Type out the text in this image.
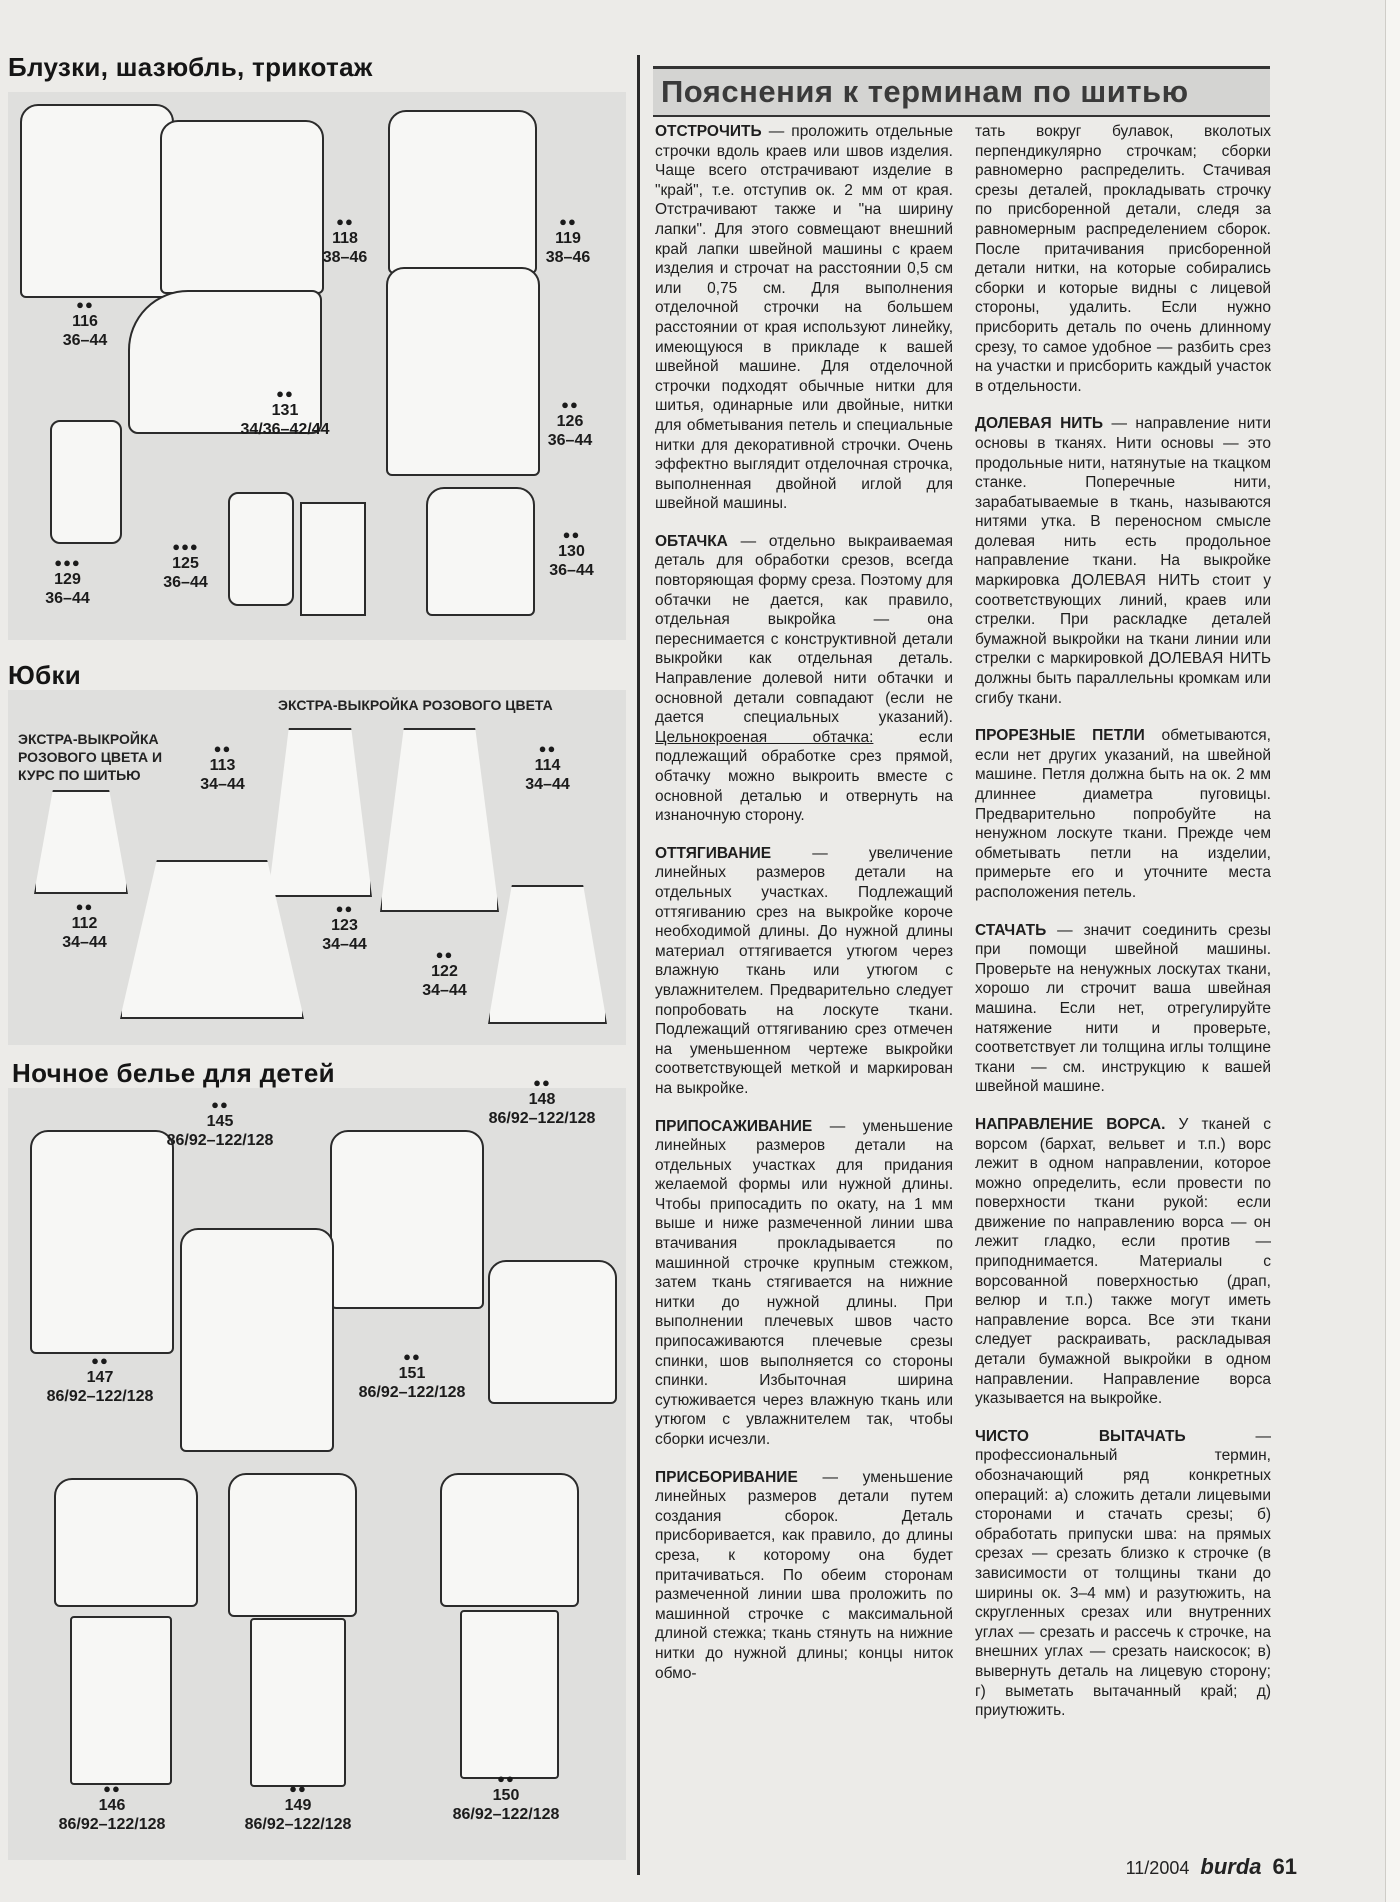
Блузки, шазюбль, трикотаж
●●
116
36–44
●●
118
38–46
●●
119
38–46
●●
131
34/36–42/44
●●
126
36–44
●●●
129
36–44
●●●
125
36–44
●●
130
36–44
Юбки
ЭКСТРА-ВЫКРОЙКА РОЗОВОГО ЦВЕТА
ЭКСТРА-ВЫКРОЙКА РОЗОВОГО ЦВЕТА И КУРС ПО ШИТЬЮ
●●
113
34–44
●●
114
34–44
●●
112
34–44
●●
123
34–44
●●
122
34–44
Ночное белье для детей
●●
145
86/92–122/128
●●
148
86/92–122/128
●●
147
86/92–122/128
●●
151
86/92–122/128
●●
146
86/92–122/128
●●
149
86/92–122/128
●●
150
86/92–122/128
Пояснения к терминам по шитью

ОТСТРОЧИТЬ — проложить отдельные строчки вдоль краев или швов изделия. Чаще всего отстрачивают изделие в "край", т.е. отступив ок. 2 мм от края. Отстрачивают также и "на ширину лапки". Для этого совмещают внешний край лапки швейной машины с краем изделия и строчат на расстоянии 0,5 см или 0,75 см. Для выполнения отделочной строчки на большем расстоянии от края используют линейку, имеющуюся в прикладе к вашей швейной машине. Для отделочной строчки подходят обычные нитки для шитья, одинарные или двойные, нитки для обметывания петель и специальные нитки для декоративной строчки. Очень эффектно выглядит отделочная строчка, выполненная двойной иглой для швейной машины.

ОБТАЧКА — отдельно выкраиваемая деталь для обработки срезов, всегда повторяющая форму среза. Поэтому для обтачки не дается, как правило, отдельная выкройка — она переснимается с конструктивной детали выкройки как отдельная деталь. Направление долевой нити обтачки и основной детали совпадают (если не дается специальных указаний). Цельнокроеная обтачка: если подлежащий обработке срез прямой, обтачку можно выкроить вместе с основной деталью и отвернуть на изнаночную сторону.

ОТТЯГИВАНИЕ — увеличение линейных размеров детали на отдельных участках. Подлежащий оттягиванию срез на выкройке короче необходимой длины. До нужной длины материал оттягивается утюгом через влажную ткань или утюгом с увлажнителем. Предварительно следует попробовать на лоскуте ткани. Подлежащий оттягиванию срез отмечен на уменьшенном чертеже выкройки соответствующей меткой и маркирован на выкройке.

ПРИПОСАЖИВАНИЕ — уменьшение линейных размеров детали на отдельных участках для придания желаемой формы или нужной длины. Чтобы припосадить по окату, на 1 мм выше и ниже размеченной линии шва втачивания прокладывается по машинной строчке крупным стежком, затем ткань стягивается на нижние нитки до нужной длины. При выполнении плечевых швов часто припосаживаются плечевые срезы спинки, шов выполняется со стороны спинки. Избыточная ширина сутюживается через влажную ткань или утюгом с увлажнителем так, чтобы сборки исчезли.

ПРИСБОРИВАНИЕ — уменьшение линейных размеров детали путем создания сборок. Деталь присборивается, как правило, до длины среза, к которому она будет притачиваться. По обеим сторонам размеченной линии шва проложить по машинной строчке с максимальной длиной стежка; ткань стянуть на нижние нитки до нужной длины; концы ниток обмо-

тать вокруг булавок, вколотых перпендикулярно строчкам; сборки равномерно распределить. Стачивая срезы деталей, прокладывать строчку по присборенной детали, следя за равномерным распределением сборок. После притачивания присборенной детали нитки, на которые собирались сборки и которые видны с лицевой стороны, удалить. Если нужно присборить деталь по очень длинному срезу, то самое удобное — разбить срез на участки и присборить каждый участок в отдельности.

ДОЛЕВАЯ НИТЬ — направление нити основы в тканях. Нити основы — это продольные нити, натянутые на ткацком станке. Поперечные нити, зарабатываемые в ткань, называются нитями утка. В переносном смысле долевая нить есть продольное направление ткани. На выкройке маркировка ДОЛЕВАЯ НИТЬ стоит у соответствующих линий, краев или стрелки. При раскладке деталей бумажной выкройки на ткани линии или стрелки с маркировкой ДОЛЕВАЯ НИТЬ должны быть параллельны кромкам или сгибу ткани.

ПРОРЕЗНЫЕ ПЕТЛИ обметываются, если нет других указаний, на швейной машине. Петля должна быть на ок. 2 мм длиннее диаметра пуговицы. Предварительно попробуйте на ненужном лоскуте ткани. Прежде чем обметывать петли на изделии, примерьте его и уточните места расположения петель.

СТАЧАТЬ — значит соединить срезы при помощи швейной машины. Проверьте на ненужных лоскутах ткани, хорошо ли строчит ваша швейная машина. Если нет, отрегулируйте натяжение нити и проверьте, соответствует ли толщина иглы толщине ткани — см. инструкцию к вашей швейной машине.

НАПРАВЛЕНИЕ ВОРСА. У тканей с ворсом (бархат, вельвет и т.п.) ворс лежит в одном направлении, которое можно определить, если провести по поверхности ткани рукой: если движение по направлению ворса — он лежит гладко, если против — приподнимается. Материалы с ворсованной поверхностью (драп, велюр и т.п.) также могут иметь направление ворса. Все эти ткани следует раскраивать, раскладывая детали бумажной выкройки в одном направлении. Направление ворса указывается на выкройке.

ЧИСТО ВЫТАЧАТЬ — профессиональный термин, обозначающий ряд конкретных операций: а) сложить детали лицевыми сторонами и стачать срезы; б) обработать припуски шва: на прямых срезах — срезать близко к строчке (в зависимости от толщины ткани до ширины ок. 3–4 мм) и разутюжить, на скругленных срезах или внутренних углах — срезать и рассечь к строчке, на внешних углах — срезать наискосок; в) вывернуть деталь на лицевую сторону; г) выметать вытачанный край; д) приутюжить.

11/2004 burda 61
